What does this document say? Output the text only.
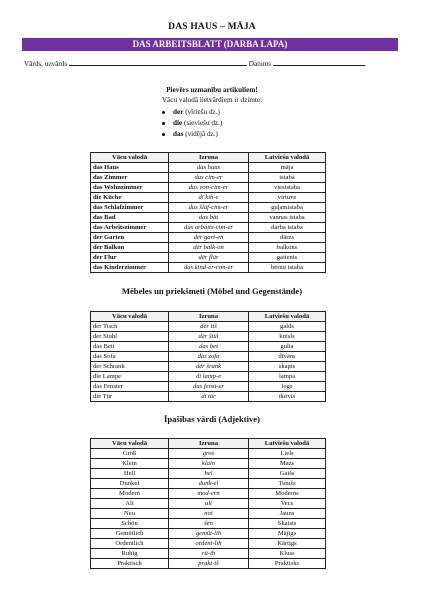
DAS HAUS – MĀJA
DAS ARBEITSBLATT (DARBA LAPA)
Vārds, uzvārds	Datums
Pievērs uzmanību artikuliem!
Vācu valodā lietvārdiem ir dzimte:
der (vīriešu dz.)
die (sieviešu dz.)
das (vidējā dz.)
Vācu valodā	Izruna	Latviešu valodā
das Haus	das haus	māja
das Zimmer	das cim-er	istaba
das Wohnzimmer	das von-cim-er	viesistaba
die Küche	dī kih-e	virtuve
das Schlafzimmer	das šlāf-cim-er	guļamistaba
das Bad	das bāt	vannas istaba
das Arbeitszimmer	das arbaits-cim-er	darba istaba
der Garten	dēr gart-en	dārzs
der Balkon	dēr balk-on	balkons
der Flur	dēr flūr	gaitenis
das Kinderzimmer	das kind-er-cim-er	bērnu istaba
Mēbeles un priekšmeti (Möbel und Gegenstände)
Vācu valodā	Izruna	Latviešu valodā
der Tisch	dēr tiš	galds
der Stuhl	dēr štūl	krēsls
das Bett	das bet	gulta
das Sofa	das zofa	dīvāns
der Schrank	dēr šrank	skapis
die Lampe	dī lamp-e	lampa
das Fenster	das fenst-er	logs
die Tür	dī tūr	durvis
Īpašības vārdi (Adjektive)
Vācu valodā	Izruna	Latviešu valodā
Groß	gros	Liels
Klein	klain	Mazs
Hell	hel	Gaišs
Dunkel	dunk-el	Tumšs
Modern	mod-ern	Moderns
Alt	alt	Vecs
Neu	noi	Jauns
Schön	šēn	Skaists
Gemütlich	gemūt-lih	Mājīgs
Ordentlich	ordent-lih	Kārtīgs
Ruhig	rū-ih	Kluss
Praktisch	prakt-iš	Praktisks
